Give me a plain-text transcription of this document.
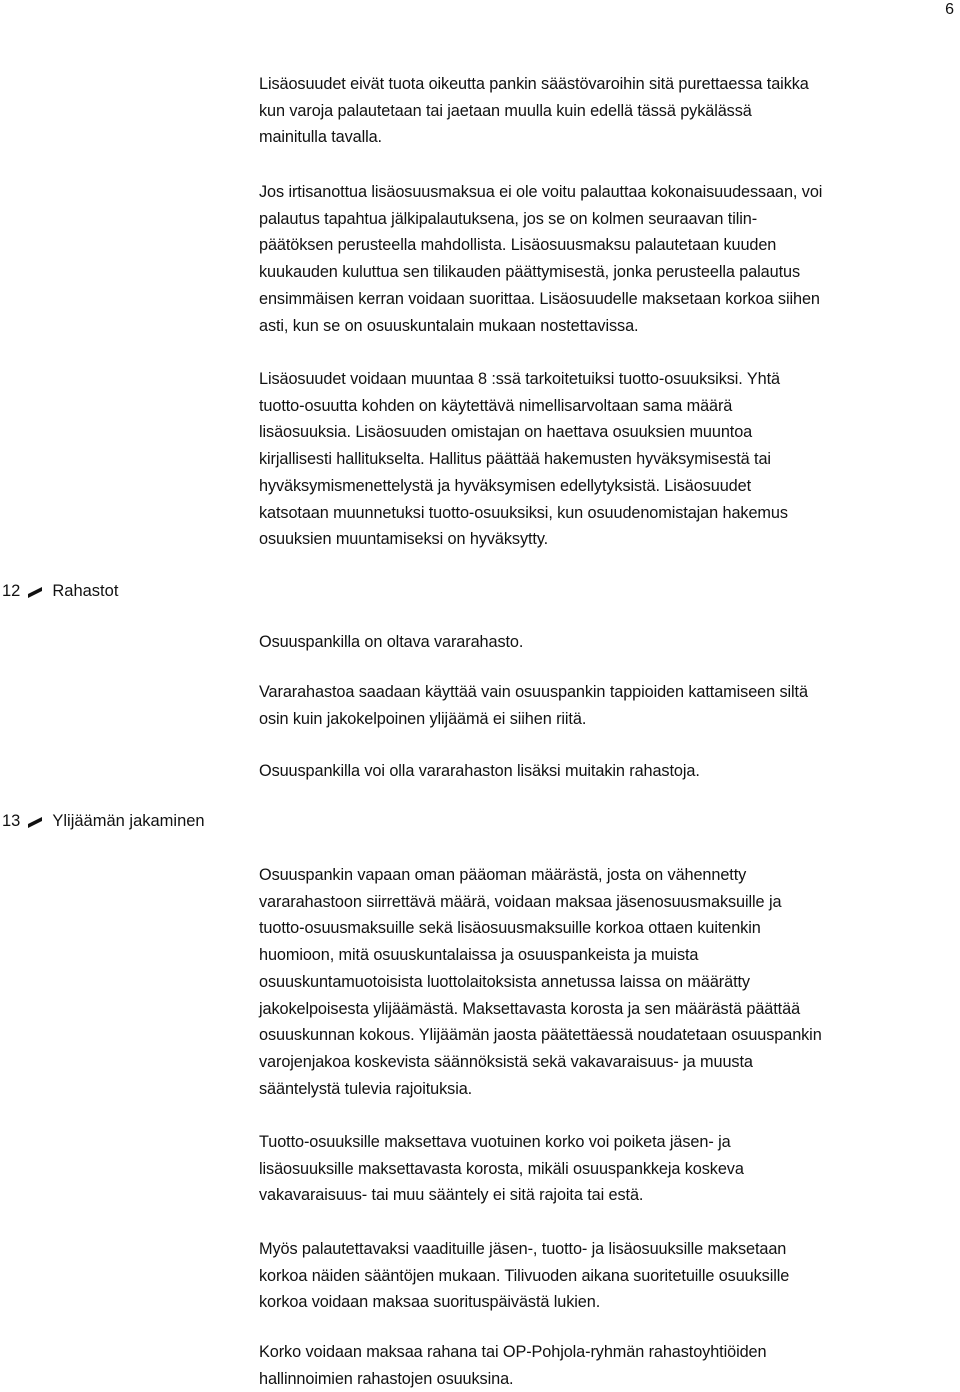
6
Lisäosuudet eivät tuota oikeutta pankin säästövaroihin sitä purettaessa taikka
kun varoja palautetaan tai jaetaan muulla kuin edellä tässä pykälässä
mainitulla tavalla.
Jos irtisanottua lisäosuusmaksua ei ole voitu palauttaa kokonaisuudessaan, voi
palautus tapahtua jälkipalautuksena, jos se on kolmen seuraavan tilin-
päätöksen perusteella mahdollista. Lisäosuusmaksu palautetaan kuuden
kuukauden kuluttua sen tilikauden päättymisestä, jonka perusteella palautus
ensimmäisen kerran voidaan suorittaa. Lisäosuudelle maksetaan korkoa siihen
asti, kun se on osuuskuntalain mukaan nostettavissa.
Lisäosuudet voidaan muuntaa 8 :ssä tarkoitetuiksi tuotto-osuuksiksi. Yhtä
tuotto-osuutta kohden on käytettävä nimellisarvoltaan sama määrä
lisäosuuksia. Lisäosuuden omistajan on haettava osuuksien muuntoa
kirjallisesti hallitukselta. Hallitus päättää hakemusten hyväksymisestä tai
hyväksymismenettelystä ja hyväksymisen edellytyksistä. Lisäosuudet
katsotaan muunnetuksi tuotto-osuuksiksi, kun osuudenomistajan hakemus
osuuksien muuntamiseksi on hyväksytty.
12 Rahastot
Osuuspankilla on oltava vararahasto.
Vararahastoa saadaan käyttää vain osuuspankin tappioiden kattamiseen siltä
osin kuin jakokelpoinen ylijäämä ei siihen riitä.
Osuuspankilla voi olla vararahaston lisäksi muitakin rahastoja.
13 Ylijäämän jakaminen
Osuuspankin vapaan oman pääoman määrästä, josta on vähennetty
vararahastoon siirrettävä määrä, voidaan maksaa jäsenosuusmaksuille ja
tuotto-osuusmaksuille sekä lisäosuusmaksuille korkoa ottaen kuitenkin
huomioon, mitä osuuskuntalaissa ja osuuspankeista ja muista
osuuskuntamuotoisista luottolaitoksista annetussa laissa on määrätty
jakokelpoisesta ylijäämästä. Maksettavasta korosta ja sen määrästä päättää
osuuskunnan kokous. Ylijäämän jaosta päätettäessä noudatetaan osuuspankin
varojenjakoa koskevista säännöksistä sekä vakavaraisuus- ja muusta
sääntelystä tulevia rajoituksia.
Tuotto-osuuksille maksettava vuotuinen korko voi poiketa jäsen- ja
lisäosuuksille maksettavasta korosta, mikäli osuuspankkeja koskeva
vakavaraisuus- tai muu sääntely ei sitä rajoita tai estä.
Myös palautettavaksi vaadituille jäsen-, tuotto- ja lisäosuuksille maksetaan
korkoa näiden sääntöjen mukaan. Tilivuoden aikana suoritetuille osuuksille
korkoa voidaan maksaa suorituspäivästä lukien.
Korko voidaan maksaa rahana tai OP-Pohjola-ryhmän rahastoyhtiöiden
hallinnoimien rahastojen osuuksina.
